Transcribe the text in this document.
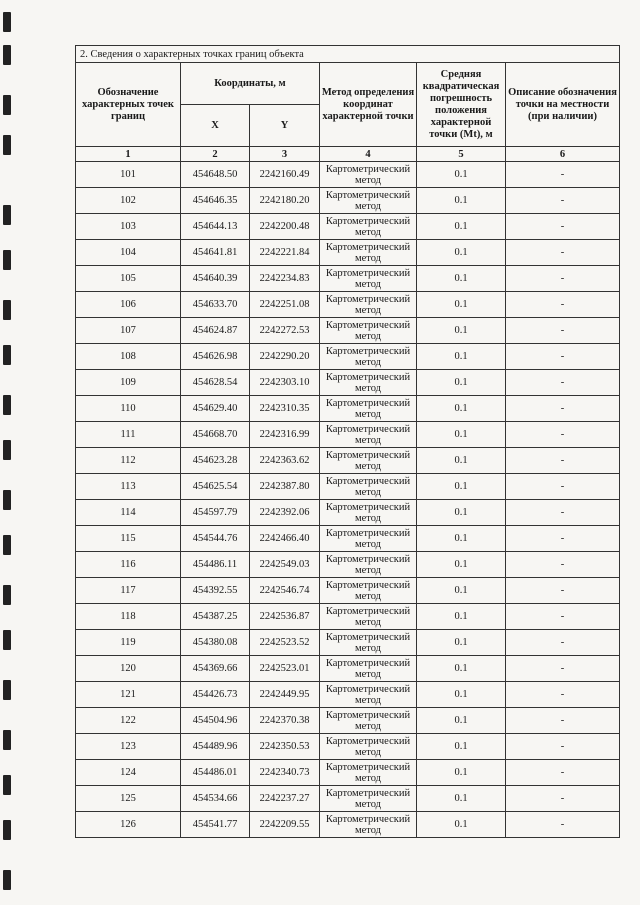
2. Сведения о характерных точках границ объекта					
Обозначение характерных точек границ	Координаты, м		Метод определения координат характерной точки	Средняя квадратическая погрешность положения характерной точки (Mt), м	Описание обозначения точки на местности (при наличии)
	X	Y			
1	2	3	4	5	6
101	454648.50	2242160.49	Картометрический метод	0.1	-
102	454646.35	2242180.20	Картометрический метод	0.1	-
103	454644.13	2242200.48	Картометрический метод	0.1	-
104	454641.81	2242221.84	Картометрический метод	0.1	-
105	454640.39	2242234.83	Картометрический метод	0.1	-
106	454633.70	2242251.08	Картометрический метод	0.1	-
107	454624.87	2242272.53	Картометрический метод	0.1	-
108	454626.98	2242290.20	Картометрический метод	0.1	-
109	454628.54	2242303.10	Картометрический метод	0.1	-
110	454629.40	2242310.35	Картометрический метод	0.1	-
111	454668.70	2242316.99	Картометрический метод	0.1	-
112	454623.28	2242363.62	Картометрический метод	0.1	-
113	454625.54	2242387.80	Картометрический метод	0.1	-
114	454597.79	2242392.06	Картометрический метод	0.1	-
115	454544.76	2242466.40	Картометрический метод	0.1	-
116	454486.11	2242549.03	Картометрический метод	0.1	-
117	454392.55	2242546.74	Картометрический метод	0.1	-
118	454387.25	2242536.87	Картометрический метод	0.1	-
119	454380.08	2242523.52	Картометрический метод	0.1	-
120	454369.66	2242523.01	Картометрический метод	0.1	-
121	454426.73	2242449.95	Картометрический метод	0.1	-
122	454504.96	2242370.38	Картометрический метод	0.1	-
123	454489.96	2242350.53	Картометрический метод	0.1	-
124	454486.01	2242340.73	Картометрический метод	0.1	-
125	454534.66	2242237.27	Картометрический метод	0.1	-
126	454541.77	2242209.55	Картометрический метод	0.1	-
